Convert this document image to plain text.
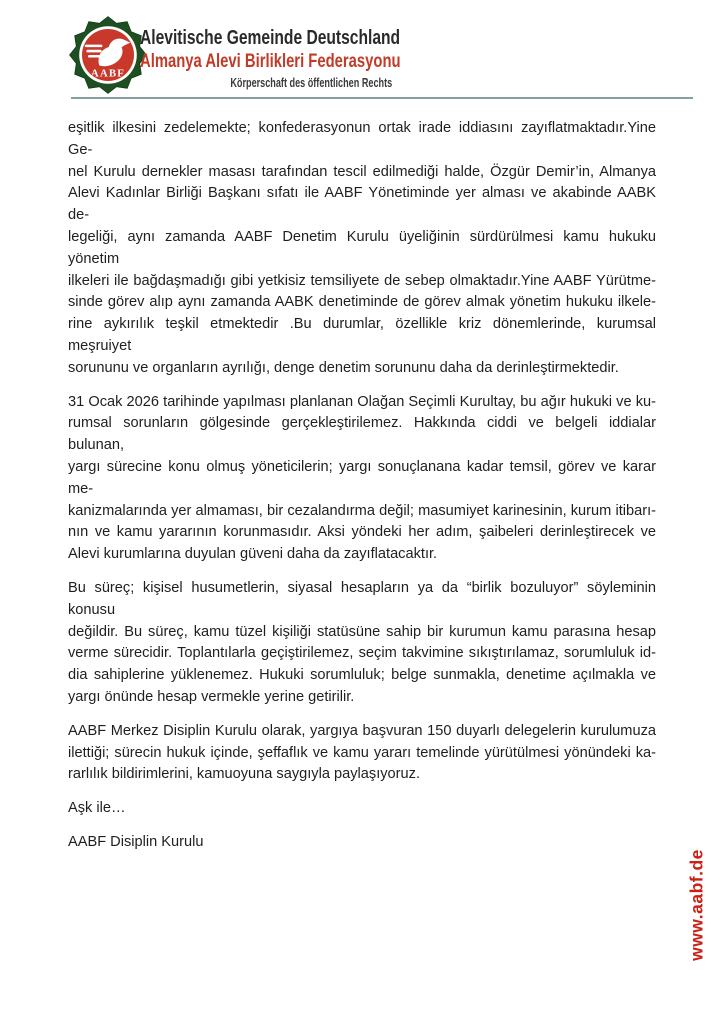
AABF
Alevitische Gemeinde Deutschland
Almanya Alevi Birlikleri Federasyonu
Körperschaft des öffentlichen Rechts
eşitlik ilkesini zedelemekte; konfederasyonun ortak irade iddiasını zayıflatmaktadır.Yine Ge-
nel Kurulu dernekler masası tarafından tescil edilmediği halde, Özgür Demir’in, Almanya
Alevi Kadınlar Birliği Başkanı sıfatı ile AABF Yönetiminde yer alması ve akabinde AABK de-
legeliği, aynı zamanda AABF Denetim Kurulu üyeliğinin sürdürülmesi kamu hukuku yönetim
ilkeleri ile bağdaşmadığı gibi yetkisiz temsiliyete de sebep olmaktadır.Yine AABF Yürütme-
sinde görev alıp aynı zamanda AABK denetiminde de görev almak yönetim hukuku ilkele-
rine aykırılık teşkil etmektedir .Bu durumlar, özellikle kriz dönemlerinde, kurumsal meşruiyet
sorununu ve organların ayrılığı, denge denetim sorununu daha da derinleştirmektedir.
31 Ocak 2026 tarihinde yapılması planlanan Olağan Seçimli Kurultay, bu ağır hukuki ve ku-
rumsal sorunların gölgesinde gerçekleştirilemez. Hakkında ciddi ve belgeli iddialar bulunan,
yargı sürecine konu olmuş yöneticilerin; yargı sonuçlanana kadar temsil, görev ve karar me-
kanizmalarında yer almaması, bir cezalandırma değil; masumiyet karinesinin, kurum itibarı-
nın ve kamu yararının korunmasıdır. Aksi yöndeki her adım, şaibeleri derinleştirecek ve
Alevi kurumlarına duyulan güveni daha da zayıflatacaktır.
Bu süreç; kişisel husumetlerin, siyasal hesapların ya da “birlik bozuluyor” söyleminin konusu
değildir. Bu süreç, kamu tüzel kişiliği statüsüne sahip bir kurumun kamu parasına hesap
verme sürecidir. Toplantılarla geçiştirilemez, seçim takvimine sıkıştırılamaz, sorumluluk id-
dia sahiplerine yüklenemez. Hukuki sorumluluk; belge sunmakla, denetime açılmakla ve
yargı önünde hesap vermekle yerine getirilir.
AABF Merkez Disiplin Kurulu olarak, yargıya başvuran 150 duyarlı delegelerin kurulumuza
ilettiği; sürecin hukuk içinde, şeffaflık ve kamu yararı temelinde yürütülmesi yönündeki ka-
rarlılık bildirimlerini, kamuoyuna saygıyla paylaşıyoruz.
Aşk ile…
AABF Disiplin Kurulu
www.aabf.de
